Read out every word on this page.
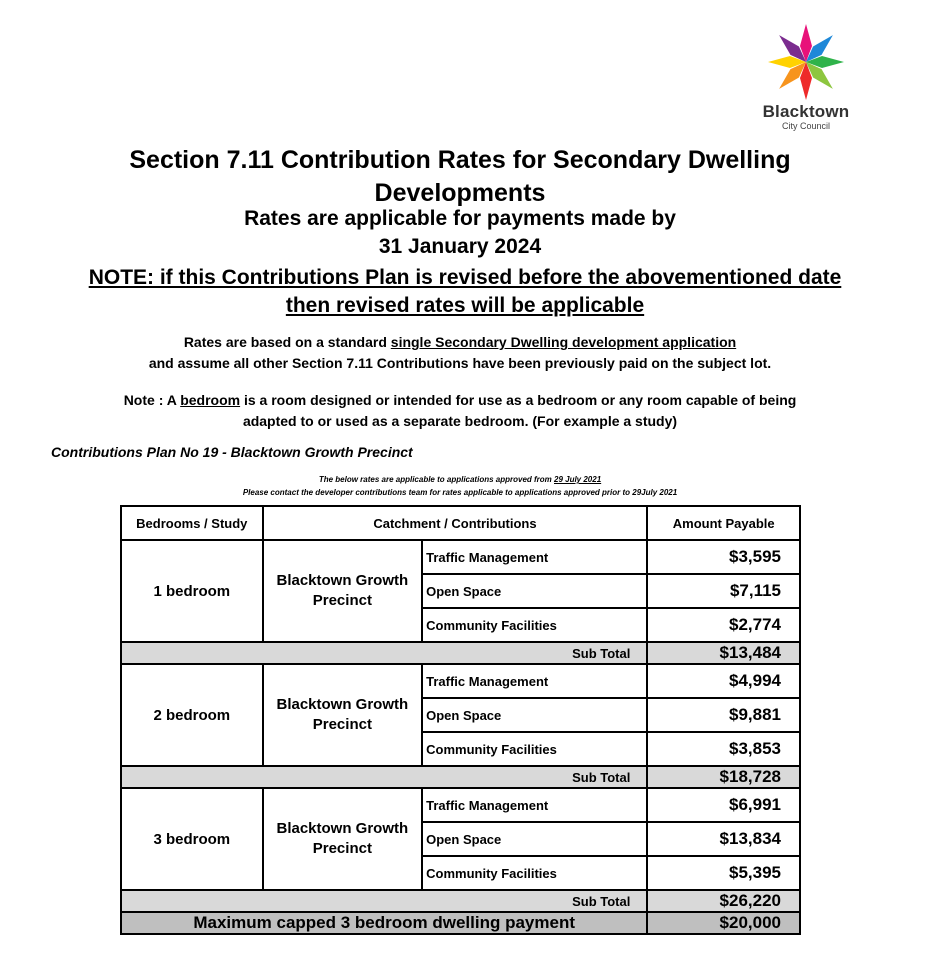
Blacktown
City Council
Section 7.11 Contribution Rates for Secondary Dwelling Developments
Rates are applicable for payments made by
31 January 2024
NOTE: if this Contributions Plan is revised before the abovementioned date
then revised rates will be applicable
Rates are based on a standard single Secondary Dwelling development application
and assume all other Section 7.11 Contributions have been previously paid on the subject lot.
Note : A bedroom is a room designed or intended for use as a bedroom or any room capable of being
adapted to or used as a separate bedroom. (For example a study)
Contributions Plan No 19 - Blacktown Growth Precinct
The below rates are applicable to applications approved from 29 July 2021
Please contact the developer contributions team for rates applicable to applications approved prior to 29July 2021
Bedrooms / Study	Catchment / Contributions		Amount Payable
1 bedroom	Blacktown Growth Precinct	Traffic Management	$3,595
		Open Space	$7,115
		Community Facilities	$2,774
Sub Total			$13,484
2 bedroom	Blacktown Growth Precinct	Traffic Management	$4,994
		Open Space	$9,881
		Community Facilities	$3,853
Sub Total			$18,728
3 bedroom	Blacktown Growth Precinct	Traffic Management	$6,991
		Open Space	$13,834
		Community Facilities	$5,395
Sub Total			$26,220
Maximum capped 3 bedroom dwelling payment			$20,000
